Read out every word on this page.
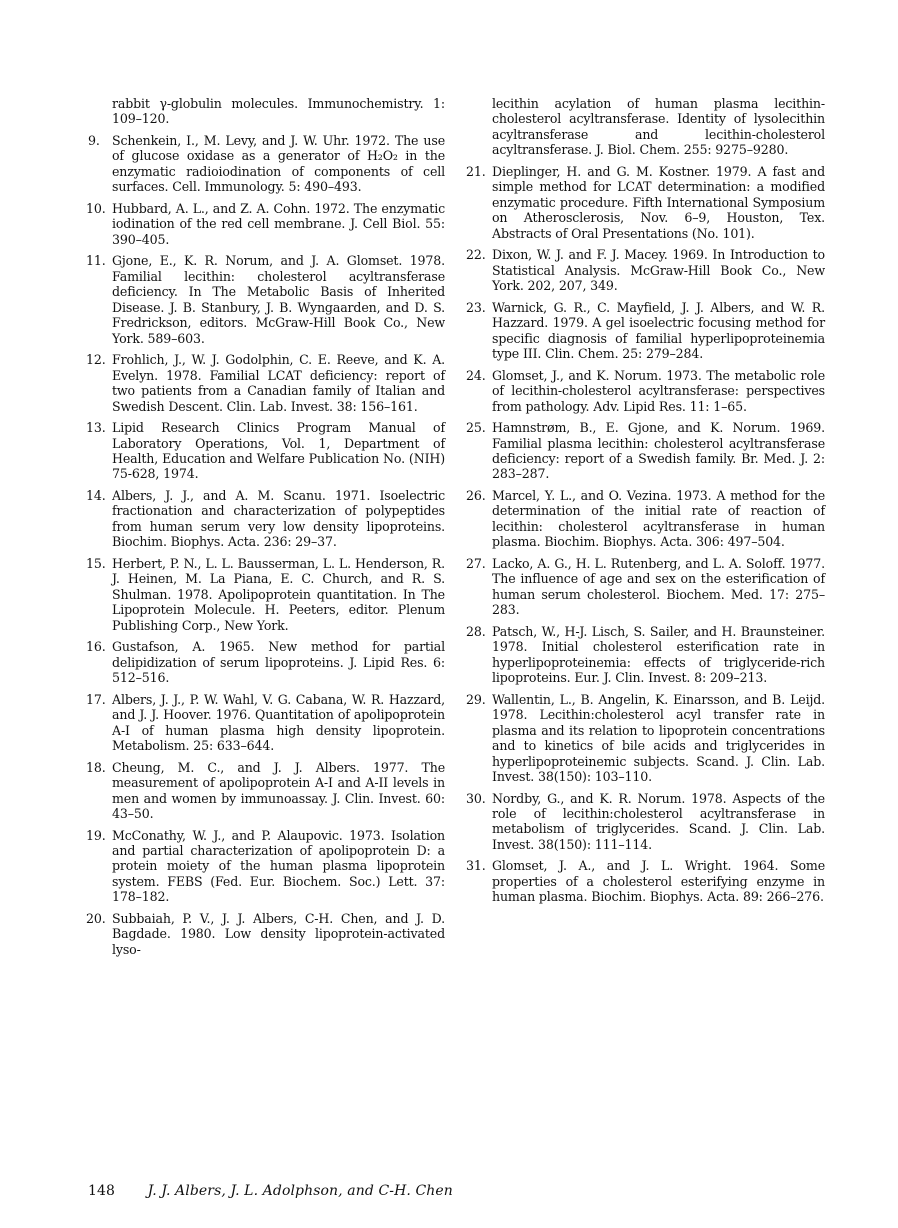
rabbit γ-globulin molecules. Immunochemistry. 1: 109–120.
9. Schenkein, I., M. Levy, and J. W. Uhr. 1972. The use of glucose oxidase as a generator of H₂O₂ in the enzymatic radioiodination of components of cell surfaces. Cell. Immunology. 5: 490–493.
10. Hubbard, A. L., and Z. A. Cohn. 1972. The enzymatic iodination of the red cell membrane. J. Cell Biol. 55: 390–405.
11. Gjone, E., K. R. Norum, and J. A. Glomset. 1978. Familial lecithin: cholesterol acyltransferase deficiency. In The Metabolic Basis of Inherited Disease. J. B. Stanbury, J. B. Wyngaarden, and D. S. Fredrickson, editors. McGraw-Hill Book Co., New York. 589–603.
12. Frohlich, J., W. J. Godolphin, C. E. Reeve, and K. A. Evelyn. 1978. Familial LCAT deficiency: report of two patients from a Canadian family of Italian and Swedish Descent. Clin. Lab. Invest. 38: 156–161.
13. Lipid Research Clinics Program Manual of Laboratory Operations, Vol. 1, Department of Health, Education and Welfare Publication No. (NIH) 75-628, 1974.
14. Albers, J. J., and A. M. Scanu. 1971. Isoelectric fractionation and characterization of polypeptides from human serum very low density lipoproteins. Biochim. Biophys. Acta. 236: 29–37.
15. Herbert, P. N., L. L. Bausserman, L. L. Henderson, R. J. Heinen, M. La Piana, E. C. Church, and R. S. Shulman. 1978. Apolipoprotein quantitation. In The Lipoprotein Molecule. H. Peeters, editor. Plenum Publishing Corp., New York.
16. Gustafson, A. 1965. New method for partial delipidization of serum lipoproteins. J. Lipid Res. 6: 512–516.
17. Albers, J. J., P. W. Wahl, V. G. Cabana, W. R. Hazzard, and J. J. Hoover. 1976. Quantitation of apolipoprotein A-I of human plasma high density lipoprotein. Metabolism. 25: 633–644.
18. Cheung, M. C., and J. J. Albers. 1977. The measurement of apolipoprotein A-I and A-II levels in men and women by immunoassay. J. Clin. Invest. 60: 43–50.
19. McConathy, W. J., and P. Alaupovic. 1973. Isolation and partial characterization of apolipoprotein D: a protein moiety of the human plasma lipoprotein system. FEBS (Fed. Eur. Biochem. Soc.) Lett. 37: 178–182.
20. Subbaiah, P. V., J. J. Albers, C-H. Chen, and J. D. Bagdade. 1980. Low density lipoprotein-activated lyso-
lecithin acylation of human plasma lecithin-cholesterol acyltransferase. Identity of lysolecithin acyltransferase and lecithin-cholesterol acyltransferase. J. Biol. Chem. 255: 9275–9280.
21. Dieplinger, H. and G. M. Kostner. 1979. A fast and simple method for LCAT determination: a modified enzymatic procedure. Fifth International Symposium on Atherosclerosis, Nov. 6–9, Houston, Tex. Abstracts of Oral Presentations (No. 101).
22. Dixon, W. J. and F. J. Macey. 1969. In Introduction to Statistical Analysis. McGraw-Hill Book Co., New York. 202, 207, 349.
23. Warnick, G. R., C. Mayfield, J. J. Albers, and W. R. Hazzard. 1979. A gel isoelectric focusing method for specific diagnosis of familial hyperlipoproteinemia type III. Clin. Chem. 25: 279–284.
24. Glomset, J., and K. Norum. 1973. The metabolic role of lecithin-cholesterol acyltransferase: perspectives from pathology. Adv. Lipid Res. 11: 1–65.
25. Hamnstrøm, B., E. Gjone, and K. Norum. 1969. Familial plasma lecithin: cholesterol acyltransferase deficiency: report of a Swedish family. Br. Med. J. 2: 283–287.
26. Marcel, Y. L., and O. Vezina. 1973. A method for the determination of the initial rate of reaction of lecithin: cholesterol acyltransferase in human plasma. Biochim. Biophys. Acta. 306: 497–504.
27. Lacko, A. G., H. L. Rutenberg, and L. A. Soloff. 1977. The influence of age and sex on the esterification of human serum cholesterol. Biochem. Med. 17: 275–283.
28. Patsch, W., H-J. Lisch, S. Sailer, and H. Braunsteiner. 1978. Initial cholesterol esterification rate in hyperlipoproteinemia: effects of triglyceride-rich lipoproteins. Eur. J. Clin. Invest. 8: 209–213.
29. Wallentin, L., B. Angelin, K. Einarsson, and B. Leijd. 1978. Lecithin:cholesterol acyl transfer rate in plasma and its relation to lipoprotein concentrations and to kinetics of bile acids and triglycerides in hyperlipoproteinemic subjects. Scand. J. Clin. Lab. Invest. 38(150): 103–110.
30. Nordby, G., and K. R. Norum. 1978. Aspects of the role of lecithin:cholesterol acyltransferase in metabolism of triglycerides. Scand. J. Clin. Lab. Invest. 38(150): 111–114.
31. Glomset, J. A., and J. L. Wright. 1964. Some properties of a cholesterol esterifying enzyme in human plasma. Biochim. Biophys. Acta. 89: 266–276.
148 J. J. Albers, J. L. Adolphson, and C-H. Chen
